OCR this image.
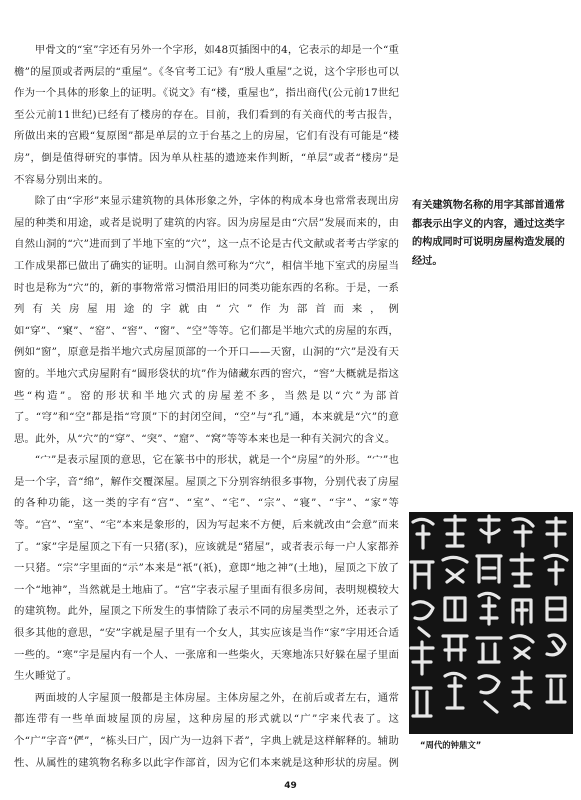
甲骨文的“室”字还有另外一个字形，如48页插图中的4，它表示的却是一个“重檐”的屋顶或者两层的“重屋”。《冬官考工记》有“殷人重屋”之说，这个字形也可以作为一个具体的形象上的证明。《说文》有“楼，重屋也”，指出商代(公元前17世纪至公元前11世纪)已经有了楼房的存在。目前，我们看到的有关商代的考古报告，所做出来的宫殿“复原图”都是单层的立于台基之上的房屋，它们有没有可能是“楼房”，倒是值得研究的事情。因为单从柱基的遗迹来作判断，“单层”或者“楼房”是不容易分别出来的。

除了由“字形”来显示建筑物的具体形象之外，字体的构成本身也常常表现出房屋的种类和用途，或者是说明了建筑的内容。因为房屋是由“穴居”发展而来的，由自然山洞的“穴”进而到了半地下室的“穴”，这一点不论是古代文献或者考古学家的工作成果都已做出了确实的证明。山洞自然可称为“穴”，相信半地下室式的房屋当时也是称为“穴”的，新的事物常常习惯沿用旧的同类功能东西的名称。于是，一系列有关房屋用途的字就由“穴”作为部首而来，例如“穿”、“窠”、“窑”、“窖”、“窗”、“空”等等。它们都是半地穴式的房屋的东西，例如“窗”，原意是指半地穴式房屋顶部的一个开口——天窗，山洞的“穴”是没有天窗的。半地穴式房屋附有“圆形袋状的坑”作为储藏东西的窖穴，“窖”大概就是指这些“构造”。窑的形状和半地穴式的房屋差不多，当然是以“穴”为部首了。“穹”和“空”都是指“穹顶”下的封闭空间，“空”与“孔”通，本来就是“穴”的意思。此外，从“穴”的“穿”、“突”、“窟”、“窝”等等本来也是一种有关洞穴的含义。

“宀”是表示屋顶的意思，它在篆书中的形状，就是一个“房屋”的外形。“宀”也是一个字，音“绵”，解作交覆深屋。屋顶之下分别容纳很多事物，分别代表了房屋的各种功能，这一类的字有“宫”、“室”、“宅”、“宗”、“寝”、“宇”、“家”等等。“宫”、“室”、“宅”本来是象形的，因为写起来不方便，后来就改由“会意”而来了。“家”字是屋顶之下有一只猪(豕)，应该就是“猪屋”，或者表示每一户人家都养一只猪。“宗”字里面的“示”本来是“祇”(祇)，意即“地之神”(土地)，屋顶之下放了一个“地神”，当然就是土地庙了。“宫”字表示屋子里面有很多房间，表明规模较大的建筑物。此外，屋顶之下所发生的事情除了表示不同的房屋类型之外，还表示了很多其他的意思，“安”字就是屋子里有一个女人，其实应该是当作“家”字用还合适一些的。“寒”字是屋内有一个人、一张席和一些柴火，天寒地冻只好躲在屋子里面生火睡觉了。

两面坡的人字屋顶一般都是主体房屋。主体房屋之外，在前后或者左右，通常都连带有一些单面坡屋顶的房屋，这种房屋的形式就以“广”字来代表了。这个“广”字音“俨”，“栋头曰广，因广为一边斜下者”，字典上就是这样解释的。辅助性、从属性的建筑物名称多以此字作部首，因为它们本来就是这种形状的房屋。例

有关建筑物名称的用字其部首通常都表示出字义的内容，通过这类字的构成同时可说明房屋构造发展的经过。
“周代的钟鼎文”
49
